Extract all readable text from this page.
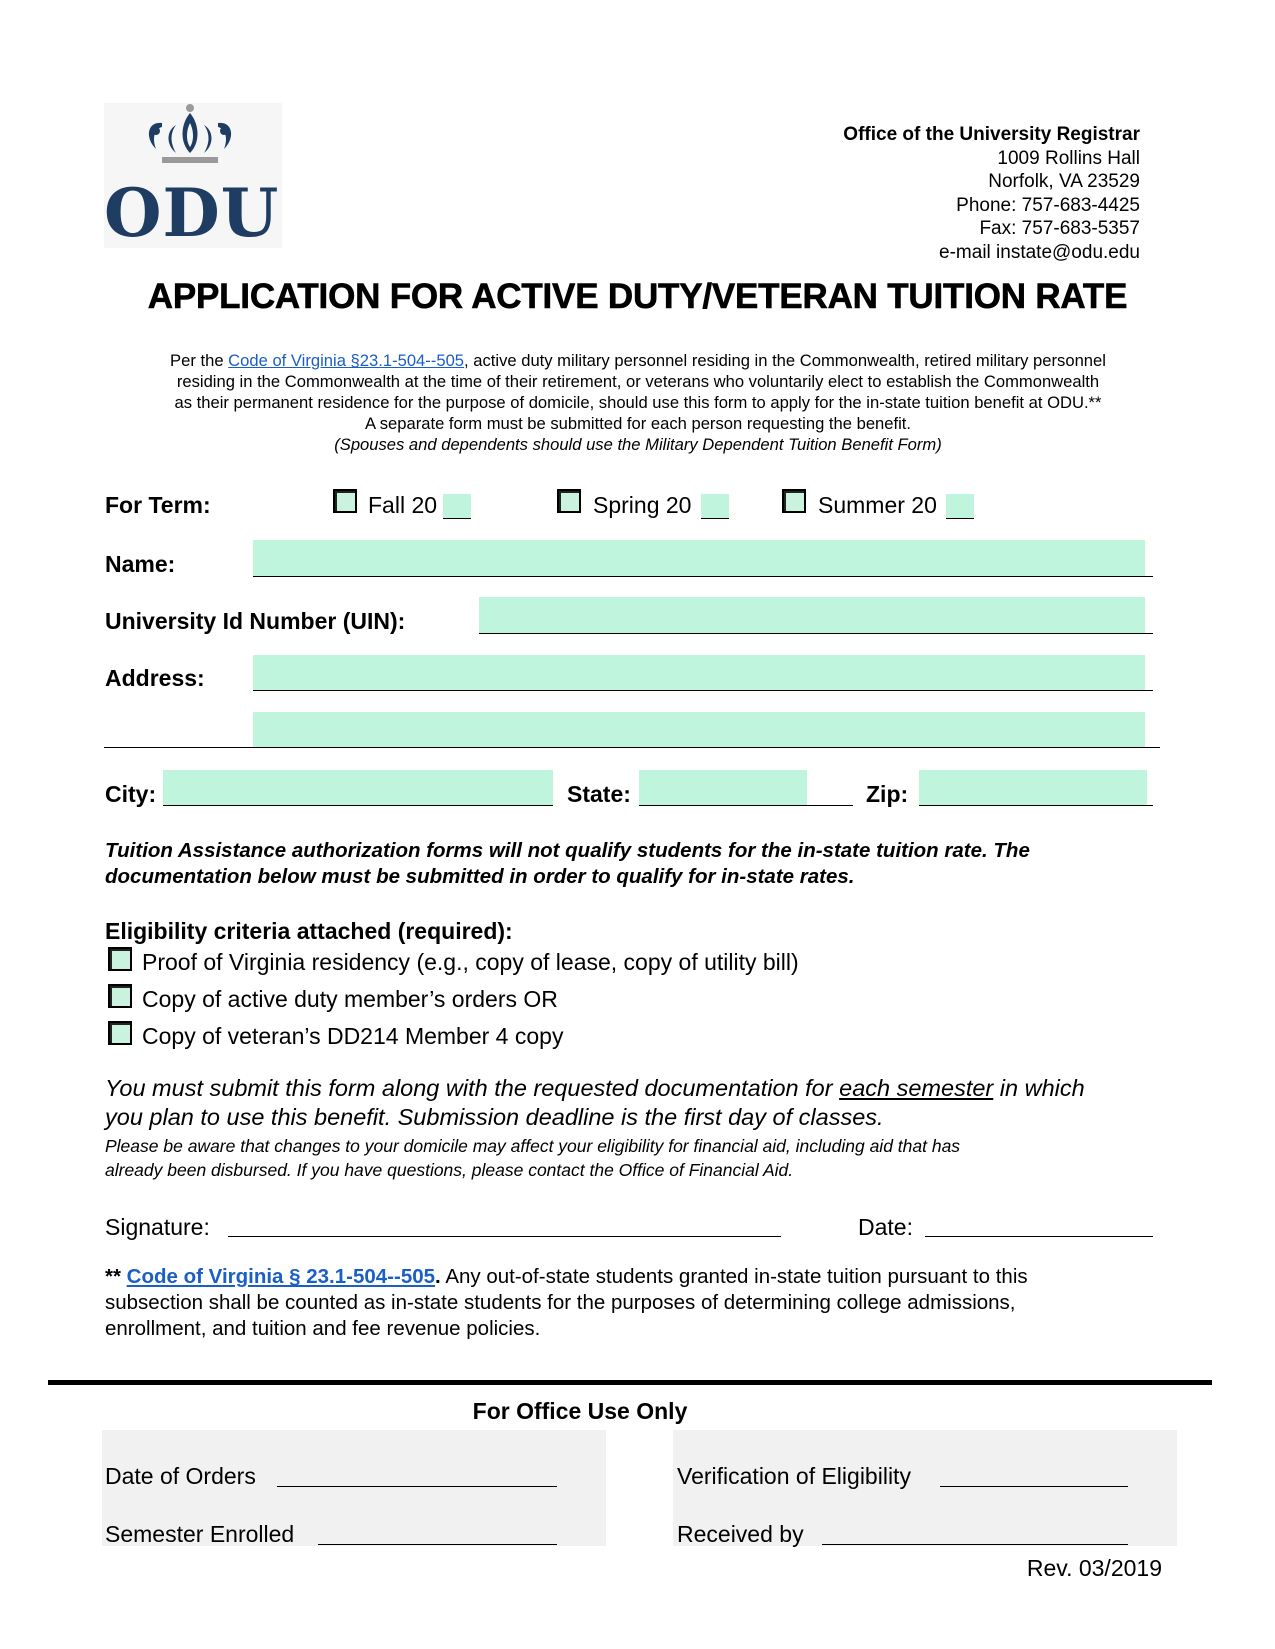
ODU
Office of the University Registrar
1009 Rollins Hall
Norfolk, VA 23529
Phone: 757-683-4425
Fax: 757-683-5357
e-mail instate@odu.edu
APPLICATION FOR ACTIVE DUTY/VETERAN TUITION RATE
Per the Code of Virginia §23.1-504--505, active duty military personnel residing in the Commonwealth, retired military personnel
residing in the Commonwealth at the time of their retirement, or veterans who voluntarily elect to establish the Commonwealth
as their permanent residence for the purpose of domicile, should use this form to apply for the in-state tuition benefit at ODU.**
A separate form must be submitted for each person requesting the benefit.
(Spouses and dependents should use the Military Dependent Tuition Benefit Form)
For Term:	Fall 20	Spring 20	Summer 20
Name:
University Id Number (UIN):
Address:
City:	State:	Zip:
Tuition Assistance authorization forms will not qualify students for the in-state tuition rate. The
documentation below must be submitted in order to qualify for in-state rates.
Eligibility criteria attached (required):
Proof of Virginia residency (e.g., copy of lease, copy of utility bill)
Copy of active duty member’s orders OR
Copy of veteran’s DD214 Member 4 copy
You must submit this form along with the requested documentation for each semester in which
you plan to use this benefit. Submission deadline is the first day of classes.
Please be aware that changes to your domicile may affect your eligibility for financial aid, including aid that has
already been disbursed. If you have questions, please contact the Office of Financial Aid.
Signature:	Date:
** Code of Virginia § 23.1-504--505. Any out-of-state students granted in-state tuition pursuant to this
subsection shall be counted as in-state students for the purposes of determining college admissions,
enrollment, and tuition and fee revenue policies.
For Office Use Only
Date of Orders
Semester Enrolled
Verification of Eligibility
Received by
Rev. 03/2019
